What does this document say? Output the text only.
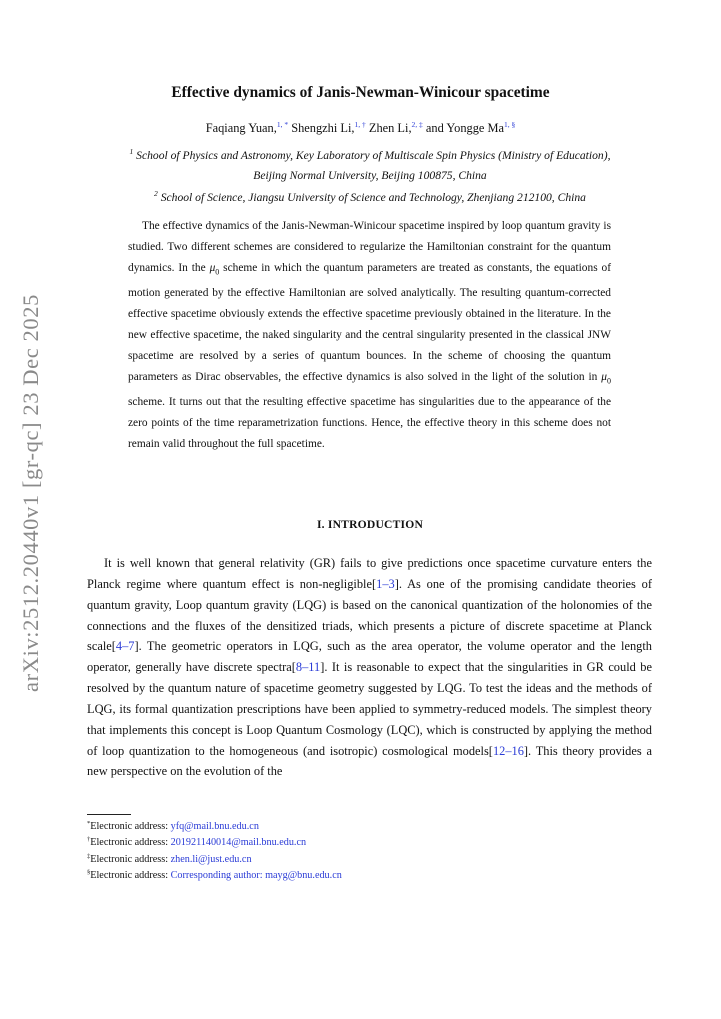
arXiv:2512.20440v1 [gr-qc] 23 Dec 2025
Effective dynamics of Janis-Newman-Winicour spacetime
Faqiang Yuan,$^{1, *}$ Shengzhi Li,$^{1, \dagger}$ Zhen Li,$^{2, \ddagger}$ and Yongge $Ma^{1, \S}$
$^1$ School of Physics and Astronomy, Key Laboratory of Multiscale Spin Physics (Ministry of Education),
Beijing Normal University, Beijing 100875, China
$^2$ School of Science, Jiangsu University of Science and Technology, Zhenjiang 212100, China
The effective dynamics of the Janis-Newman-Winicour spacetime inspired by loop quantum gravity is studied. Two different schemes are considered to regularize the Hamiltonian constraint for the quantum dynamics. In the $\mu_0$ scheme in which the quantum parameters are treated as constants, the equations of motion generated by the effective Hamiltonian are solved analytically. The resulting quantum-corrected effective spacetime obviously extends the effective spacetime previously obtained in the literature. In the new effective spacetime, the naked singularity and the central singularity presented in the classical JNW spacetime are resolved by a series of quantum bounces. In the scheme of choosing the quantum parameters as Dirac observables, the effective dynamics is also solved in the light of the solution in $\mu_0$ scheme. It turns out that the resulting effective spacetime has singularities due to the appearance of the zero points of the time reparametrization functions. Hence, the effective theory in this scheme does not remain valid throughout the full spacetime.
I. INTRODUCTION
It is well known that general relativity (GR) fails to give predictions once spacetime curvature enters the Planck regime where quantum effect is non-negligible[1–3]. As one of the promising candidate theories of quantum gravity, Loop quantum gravity (LQG) is based on the canonical quantization of the holonomies of the connections and the fluxes of the densitized triads, which presents a picture of discrete spacetime at Planck scale[4–7]. The geometric operators in LQG, such as the area operator, the volume operator and the length operator, generally have discrete spectra[8–11]. It is reasonable to expect that the singularities in GR could be resolved by the quantum nature of spacetime geometry suggested by LQG. To test the ideas and the methods of LQG, its formal quantization prescriptions have been applied to symmetry-reduced models. The simplest theory that implements this concept is Loop Quantum Cosmology (LQC), which is constructed by applying the method of loop quantization to the homogeneous (and isotropic) cosmological models[12–16]. This theory provides a new perspective on the evolution of the
*Electronic address: yfq@mail.bnu.edu.cn
†Electronic address: 201921140014@mail.bnu.edu.cn
‡Electronic address: zhen.li@just.edu.cn
§Electronic address: Corresponding author: mayg@bnu.edu.cn
